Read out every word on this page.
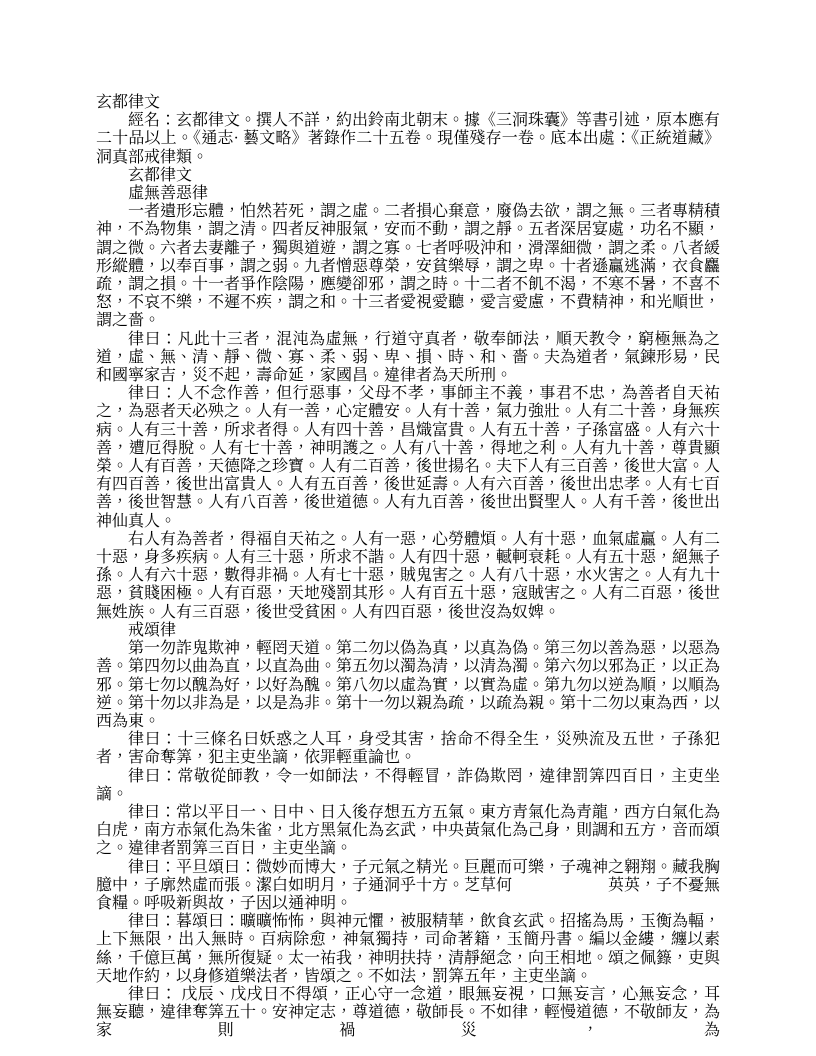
玄都律文

經名：玄都律文。撰人不詳，約出鈴南北朝末。據《三洞珠囊》等書引述，原本應有二十品以上。《通志· 藝文略》著錄作二十五卷。現僅殘存一卷。底本出處：《正統道藏》洞真部戒律類。

玄都律文

虛無善惡律

一者遺形忘體，怕然若死，謂之虛。二者損心棄意，廢偽去欲，謂之無。三者專精積神，不為物集，謂之清。四者反神服氣，安而不動，謂之靜。五者深居宴處，功名不顯，謂之微。六者去妻離子，獨與道遊，謂之寡。七者呼吸沖和，滑澤細微，謂之柔。八者緩形縱體，以奉百事，謂之弱。九者憎惡尊榮，安貧樂辱，謂之卑。十者遜贏逃滿，衣食麤疏，謂之損。十一者爭作陰陽，應變卻邪，謂之時。十二者不飢不渴，不寒不暑，不喜不怒，不哀不樂，不遲不疾，謂之和。十三者愛視愛聽，愛言愛慮，不費精神，和光順世，謂之嗇。

律曰：凡此十三者，混沌為虛無，行道守真者，敬奉師法，順天教令，窮極無為之道，虛、無、清、靜、微、寡、柔、弱、卑、損、時、和、嗇。夫為道者，氣鍊形易，民和國寧家吉，災不起，壽命延，家國昌。違律者為天所刑。

律曰：人不念作善，但行惡事，父母不孝，事師主不義，事君不忠，為善者自天祐之，為惡者天必殃之。人有一善，心定體安。人有十善，氣力強壯。人有二十善，身無疾病。人有三十善，所求者得。人有四十善，昌熾富貴。人有五十善，子孫富盛。人有六十善，遭厄得脫。人有七十善，神明護之。人有八十善，得地之利。人有九十善，尊貴顯榮。人有百善，天德降之珍寶。人有二百善，後世揚名。夫下人有三百善，後世大富。人有四百善，後世出富貴人。人有五百善，後世延壽。人有六百善，後世出忠孝。人有七百善，後世智慧。人有八百善，後世道德。人有九百善，後世出賢聖人。人有千善，後世出神仙真人。

右人有為善者，得福自天祐之。人有一惡，心勞體煩。人有十惡，血氣虛贏。人有二十惡，身多疾病。人有三十惡，所求不諧。人有四十惡，轗軻衰耗。人有五十惡，絕無子孫。人有六十惡，數得非禍。人有七十惡，賊鬼害之。人有八十惡，水火害之。人有九十惡，貧賤困極。人有百惡，天地殘罰其形。人有百五十惡，寇賊害之。人有二百惡，後世無姓族。人有三百惡，後世受貧困。人有四百惡，後世沒為奴婢。

戒頌律

第一勿詐鬼欺神，輕罔天道。第二勿以偽為真，以真為偽。第三勿以善為惡，以惡為善。第四勿以曲為直，以直為曲。第五勿以濁為清，以清為濁。第六勿以邪為正，以正為邪。第七勿以醜為好，以好為醜。第八勿以虛為實，以實為虛。第九勿以逆為順，以順為逆。第十勿以非為是，以是為非。第十一勿以親為疏，以疏為親。第十二勿以東為西，以西為東。

律曰：十三條名曰妖惑之人耳，身受其害，捨命不得全生，災殃流及五世，子孫犯者，害命奪筭，犯主吏坐謫，依罪輕重論也。

律曰：常敬從師教，令一如師法，不得輕冒，詐偽欺罔，違律罰筭四百日，主吏坐謫。

律曰：常以平日一、日中、日入後存想五方五氣。東方青氣化為青龍，西方白氣化為白虎，南方赤氣化為朱雀，北方黑氣化為玄武，中央黃氣化為己身，則調和五方，音而頌之。違律者罰筭三百日，主吏坐謫。

律曰：平旦頌曰：微妙而博大，子元氣之精光。巨麗而可樂，子魂神之翱翔。藏我胸臆中，子廓然虛而張。潔白如明月，子通洞乎十方。芝草何　　　　　　英英，子不憂無食糧。呼吸新與故，子因以通神明。

律曰：暮頌曰：曠曠怖怖，與神元懼，被服精華，飲食玄武。招搖為馬，玉衡為輻，上下無限，出入無時。百病除愈，神氣獨持，司命著籍，玉簡丹書。編以金縷，纏以素絲，千億巨萬，無所復疑。太一祐我，神明扶持，清靜絕念，向王相地。頌之佩籙，吏與天地作約，以身修道樂法者，皆頌之。不如法，罰筭五年，主吏坐謫。

律曰： 戊辰、戊戌日不得頌，正心守一念道，眼無妄視，口無妄言，心無妄念，耳無妄聽，違律奪筭五十。安神定志，尊道德，敬師長。不如律，輕慢道德，不敬師友，為家則禍災，為
